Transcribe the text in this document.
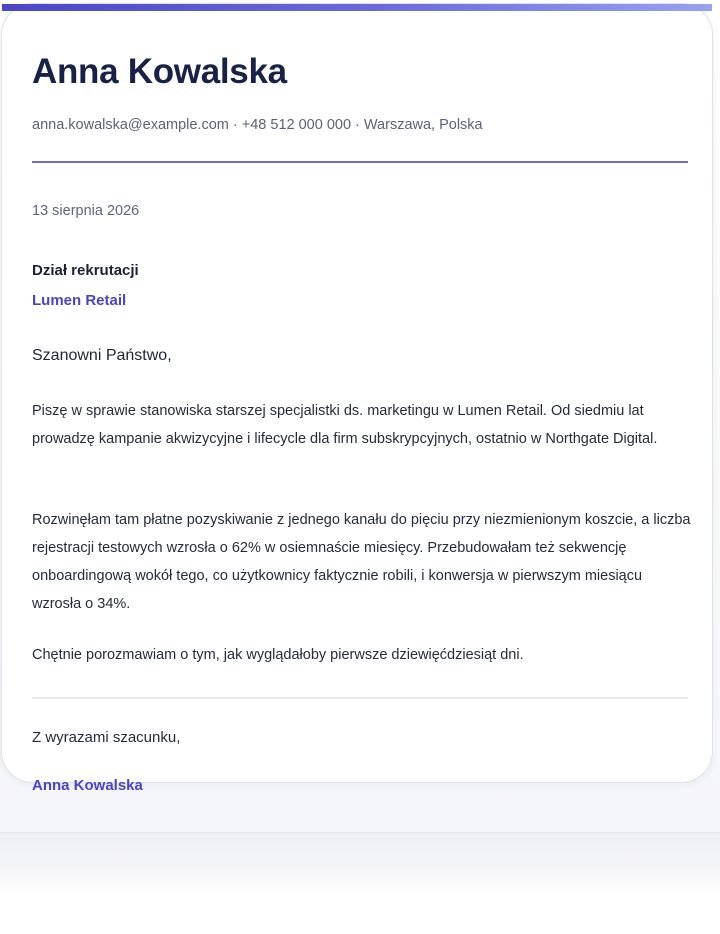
Anna Kowalska
anna.kowalska@example.com · +48 512 000 000 · Warszawa, Polska
13 sierpnia 2026
Dział rekrutacji
Lumen Retail
Szanowni Państwo,

Piszę w sprawie stanowiska starszej specjalistki ds. marketingu w Lumen Retail. Od siedmiu lat prowadzę kampanie akwizycyjne i lifecycle dla firm subskrypcyjnych, ostatnio w Northgate Digital.

Rozwinęłam tam płatne pozyskiwanie z jednego kanału do pięciu przy niezmienionym koszcie, a liczba rejestracji testowych wzrosła o 62% w osiemnaście miesięcy. Przebudowałam też sekwencję onboardingową wokół tego, co użytkownicy faktycznie robili, i konwersja w pierwszym miesiącu wzrosła o 34%.

Chętnie porozmawiam o tym, jak wyglądałoby pierwsze dziewięćdziesiąt dni.

Z wyrazami szacunku,
Anna Kowalska
